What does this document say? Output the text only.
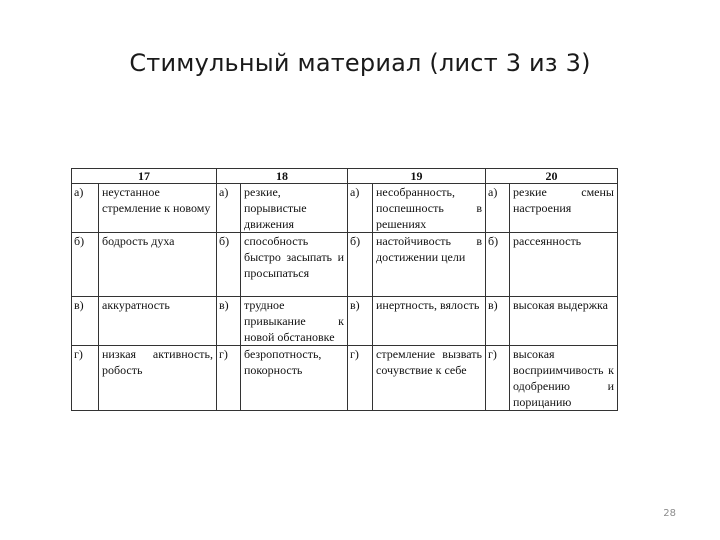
Стимульный материал (лист 3 из 3)
17		18		19		20	
а)	неустанное стремление к новому	а)	резкие, порывистые движения	а)	несобранность, поспешность в решениях	а)	резкие смены настроения
б)	бодрость духа	б)	способность быстро засыпать и просыпаться	б)	настойчивость в достижении цели	б)	рассеянность
в)	аккуратность	в)	трудное привыкание к новой обстановке	в)	инертность, вялость	в)	высокая выдержка
г)	низкая активность, робость	г)	безропотность, покорность	г)	стремление вызвать сочувствие к себе	г)	высокая восприимчивость к одобрению и порицанию
28
